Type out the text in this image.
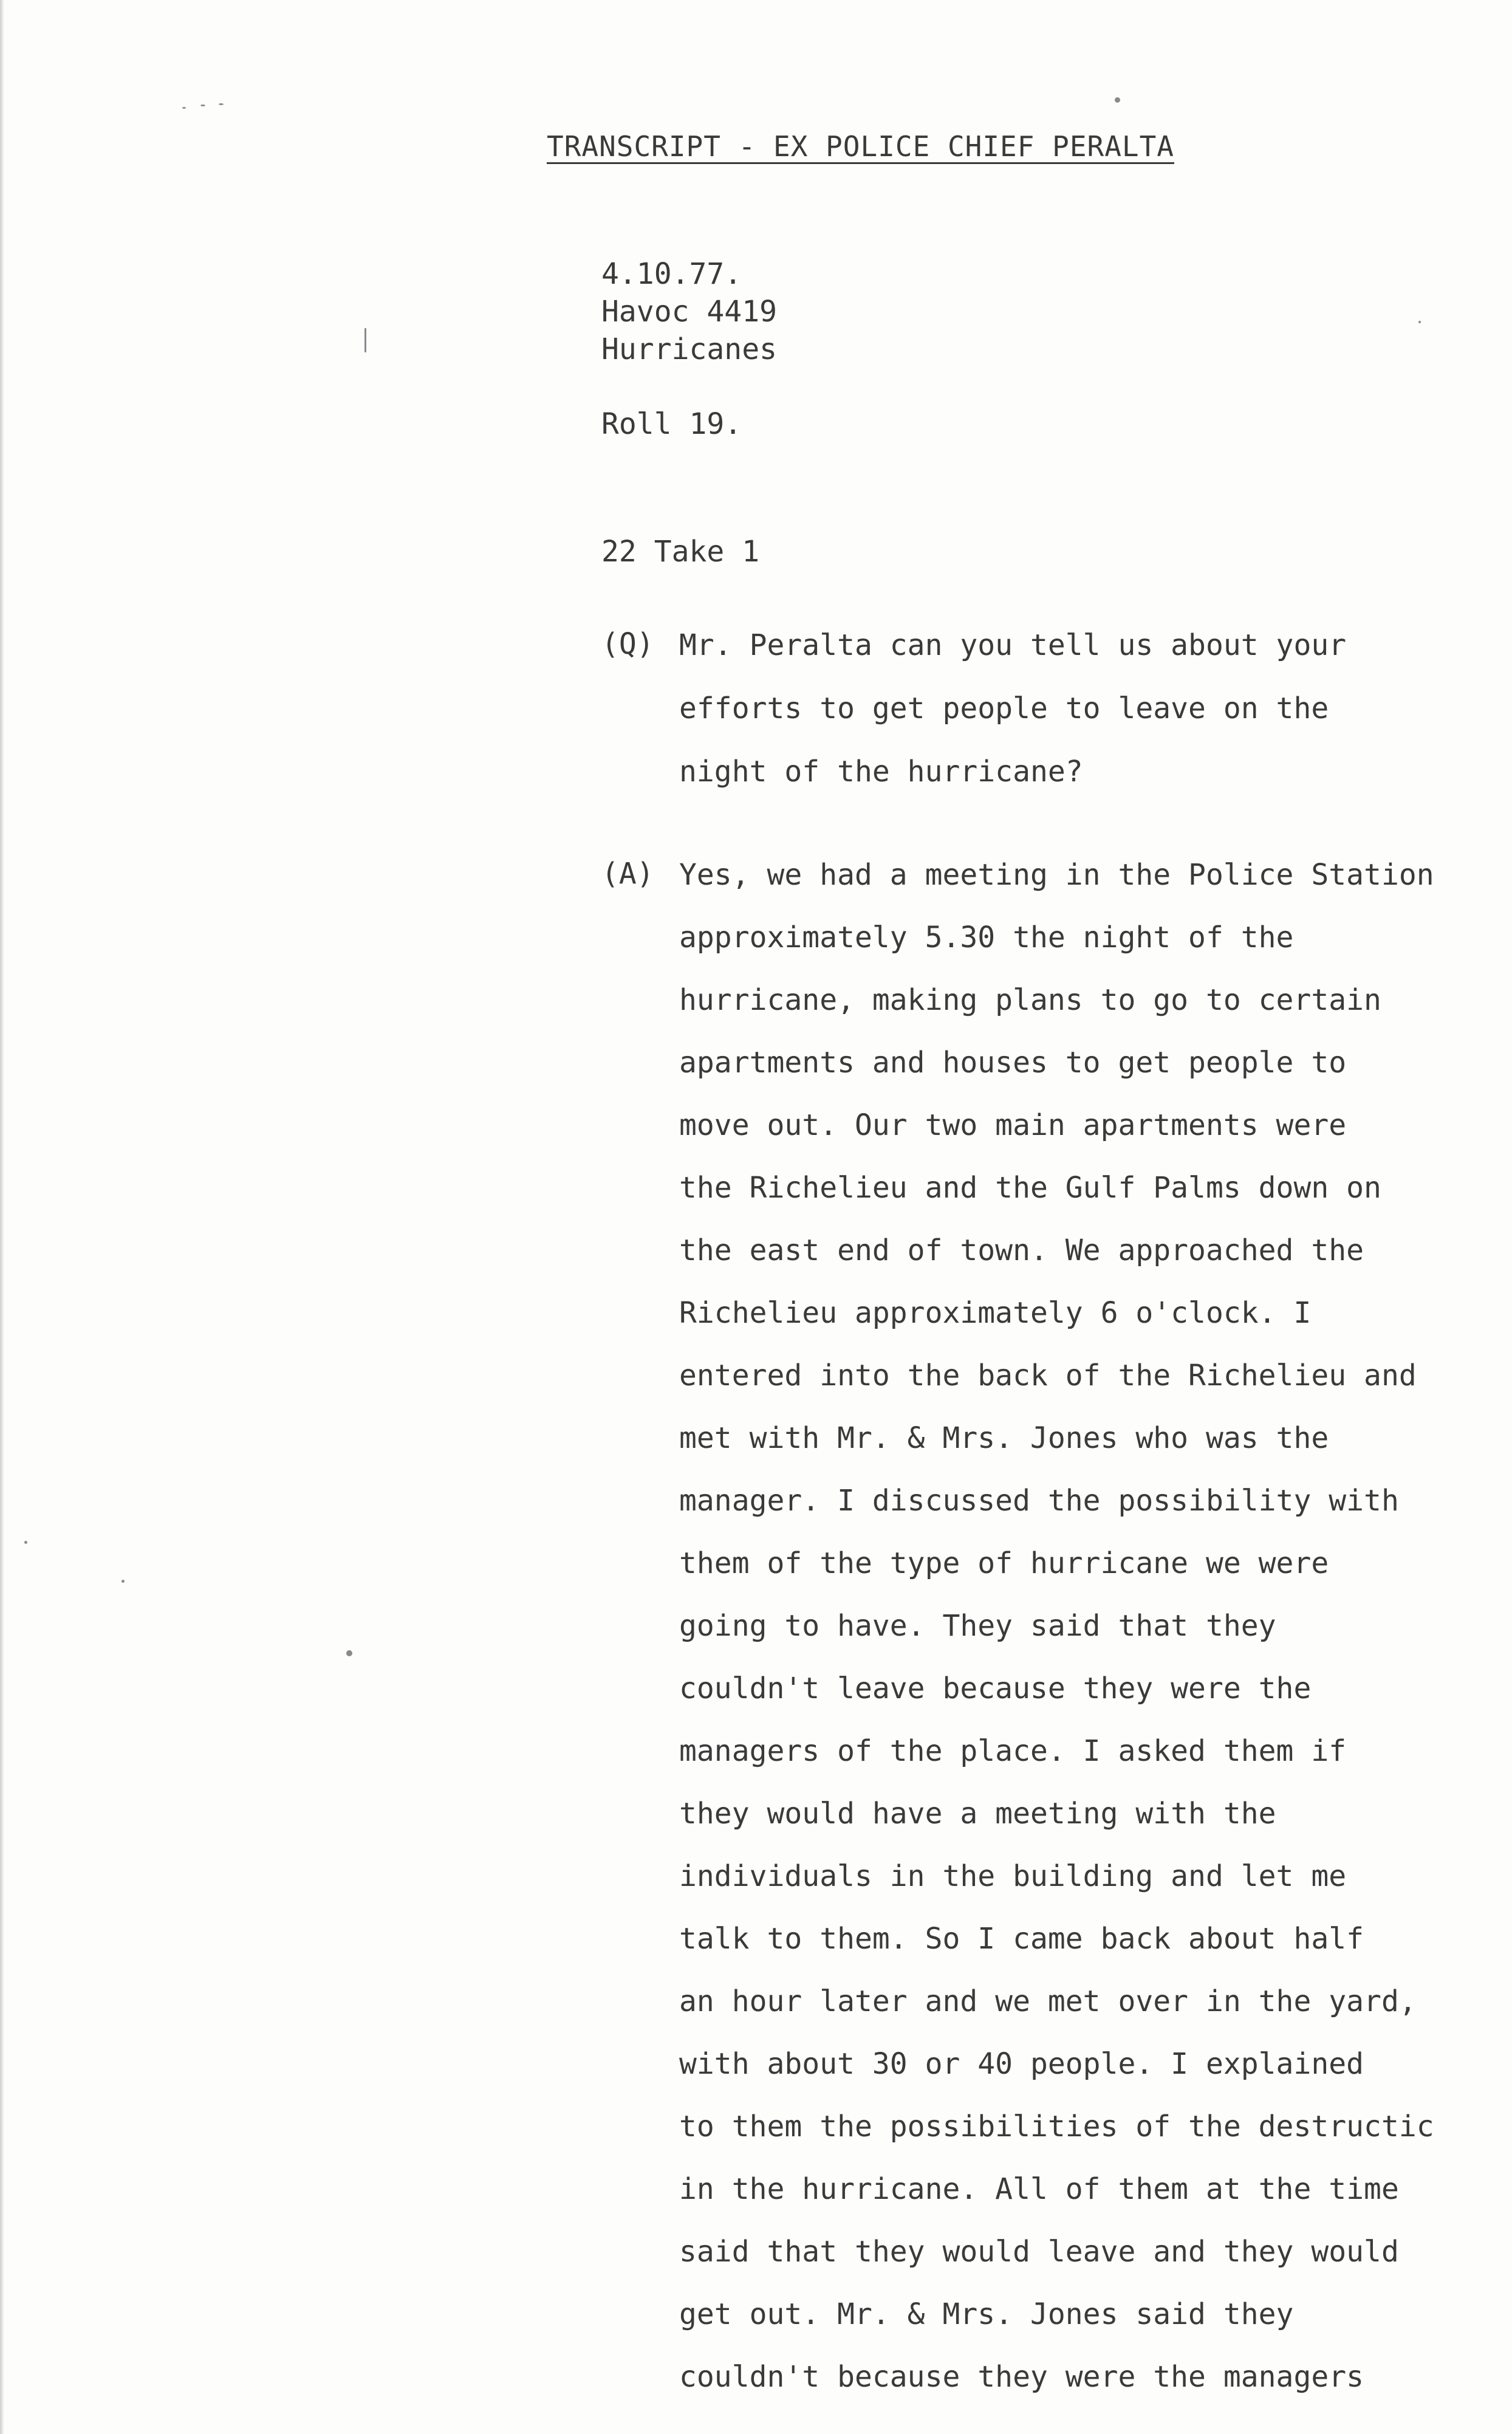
TRANSCRIPT - EX POLICE CHIEF PERALTA
4.10.77.
Havoc 4419
Hurricanes
Roll 19.
22 Take 1
(Q) Mr. Peralta can you tell us about your
efforts to get people to leave on the
night of the hurricane?
(A) Yes, we had a meeting in the Police Station
approximately 5.30 the night of the
hurricane, making plans to go to certain
apartments and houses to get people to
move out. Our two main apartments were
the Richelieu and the Gulf Palms down on
the east end of town. We approached the
Richelieu approximately 6 o'clock. I
entered into the back of the Richelieu and
met with Mr. & Mrs. Jones who was the
manager. I discussed the possibility with
them of the type of hurricane we were
going to have. They said that they
couldn't leave because they were the
managers of the place. I asked them if
they would have a meeting with the
individuals in the building and let me
talk to them. So I came back about half
an hour later and we met over in the yard,
with about 30 or 40 people. I explained
to them the possibilities of the destructic
in the hurricane. All of them at the time
said that they would leave and they would
get out. Mr. & Mrs. Jones said they
couldn't because they were the managers
